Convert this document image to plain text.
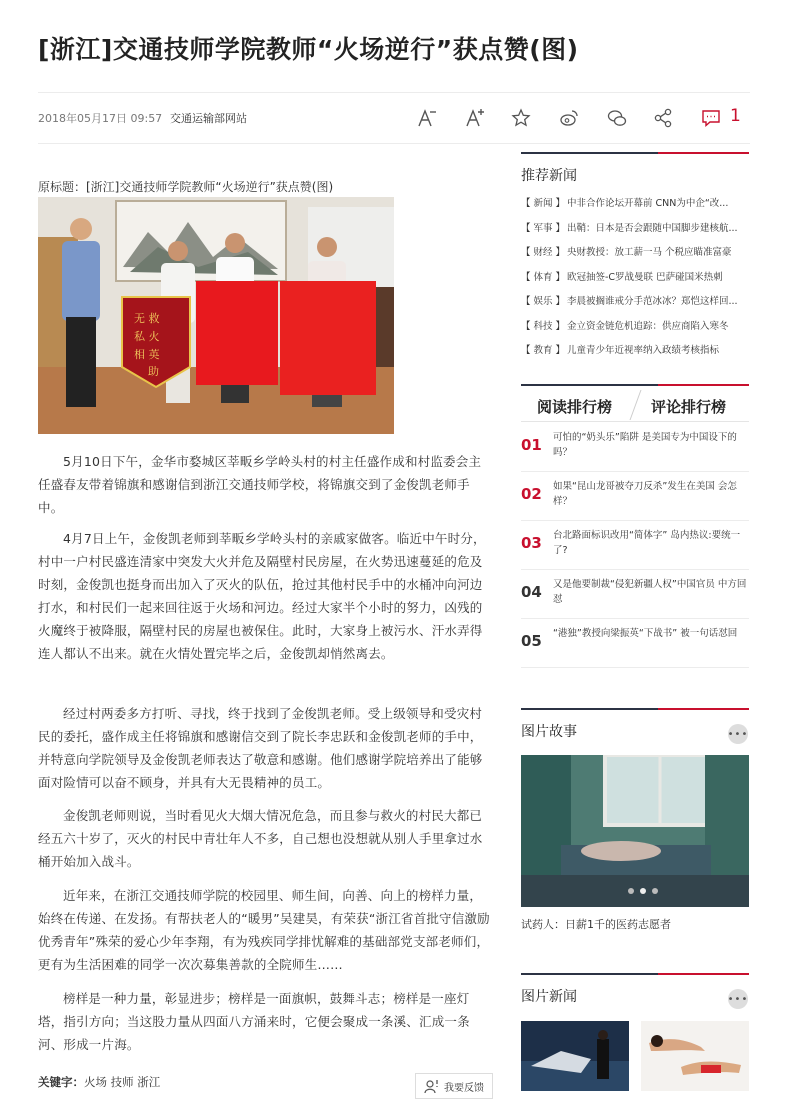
[浙江]交通技师学院教师“火场逆行”获点赞(图)
2018年05月17日 09:57 交通运输部网站	1
原标题：[浙江]交通技师学院教师“火场逆行”获点赞(图)
无 救
私 火
相 英
助

5月10日下午，金华市婺城区莘畈乡学岭头村的村主任盛作成和村监委会主任盛春友带着锦旗和感谢信到浙江交通技师学校，将锦旗交到了金俊凯老师手中。

4月7日上午，金俊凯老师到莘畈乡学岭头村的亲戚家做客。临近中午时分，村中一户村民盛连清家中突发大火并危及隔壁村民房屋，在火势迅速蔓延的危及时刻，金俊凯也挺身而出加入了灭火的队伍，抢过其他村民手中的水桶冲向河边打水，和村民们一起来回往返于火场和河边。经过大家半个小时的努力，凶残的火魔终于被降服，隔壁村民的房屋也被保住。此时，大家身上被污水、汗水弄得连人都认不出来。就在火情处置完毕之后，金俊凯却悄然离去。

经过村两委多方打听、寻找，终于找到了金俊凯老师。受上级领导和受灾村民的委托，盛作成主任将锦旗和感谢信交到了院长李忠跃和金俊凯老师的手中，并特意向学院领导及金俊凯老师表达了敬意和感谢。他们感谢学院培养出了能够面对险情可以奋不顾身，并具有大无畏精神的员工。

金俊凯老师则说，当时看见火大烟大情况危急，而且参与救火的村民大都已经五六十岁了，灭火的村民中青壮年人不多，自己想也没想就从别人手里拿过水桶开始加入战斗。

近年来，在浙江交通技师学院的校园里、师生间，向善、向上的榜样力量，始终在传递、在发扬。有帮扶老人的“暖男”吴建昊，有荣获“浙江省首批守信激励优秀青年”殊荣的爱心少年李翔，有为残疾同学排忧解难的基础部党支部老师们，更有为生活困难的同学一次次募集善款的全院师生……

榜样是一种力量，彰显进步；榜样是一面旗帜，鼓舞斗志；榜样是一座灯塔，指引方向；当这股力量从四面八方涌来时，它便会聚成一条溪、汇成一条河、形成一片海。

关键字：火场 技师 浙江	我要反馈
推荐新闻
【 新闻 】 中非合作论坛开幕前 CNN为中企“改...
【 军事 】 出鞘：日本是否会跟随中国脚步建核航...
【 财经 】 央财教授：放工薪一马 个税应瞄准富豪
【 体育 】 欧冠抽签-C罗战曼联 巴萨碰国米热刺
【 娱乐 】 李晨被搁谁戒分手范冰冰？郑恺这样回...
【 科技 】 金立资金链危机追踪：供应商陷入寒冬
【 教育 】 儿童青少年近视率纳入政绩考核指标
阅读排行榜	评论排行榜
01 可怕的“奶头乐”陷阱 是美国专为中国设下的吗？
02 如果“昆山龙哥被夺刀反杀”发生在美国 会怎样？
03 台北路面标识改用“简体字” 岛内热议:要统一了?
04 又是他要制裁“侵犯新疆人权”中国官员 中方回怼
05 “港独”教授向梁振英“下战书” 被一句话怼回
图片故事	•••
试药人：日薪1千的医药志愿者
图片新闻	•••
